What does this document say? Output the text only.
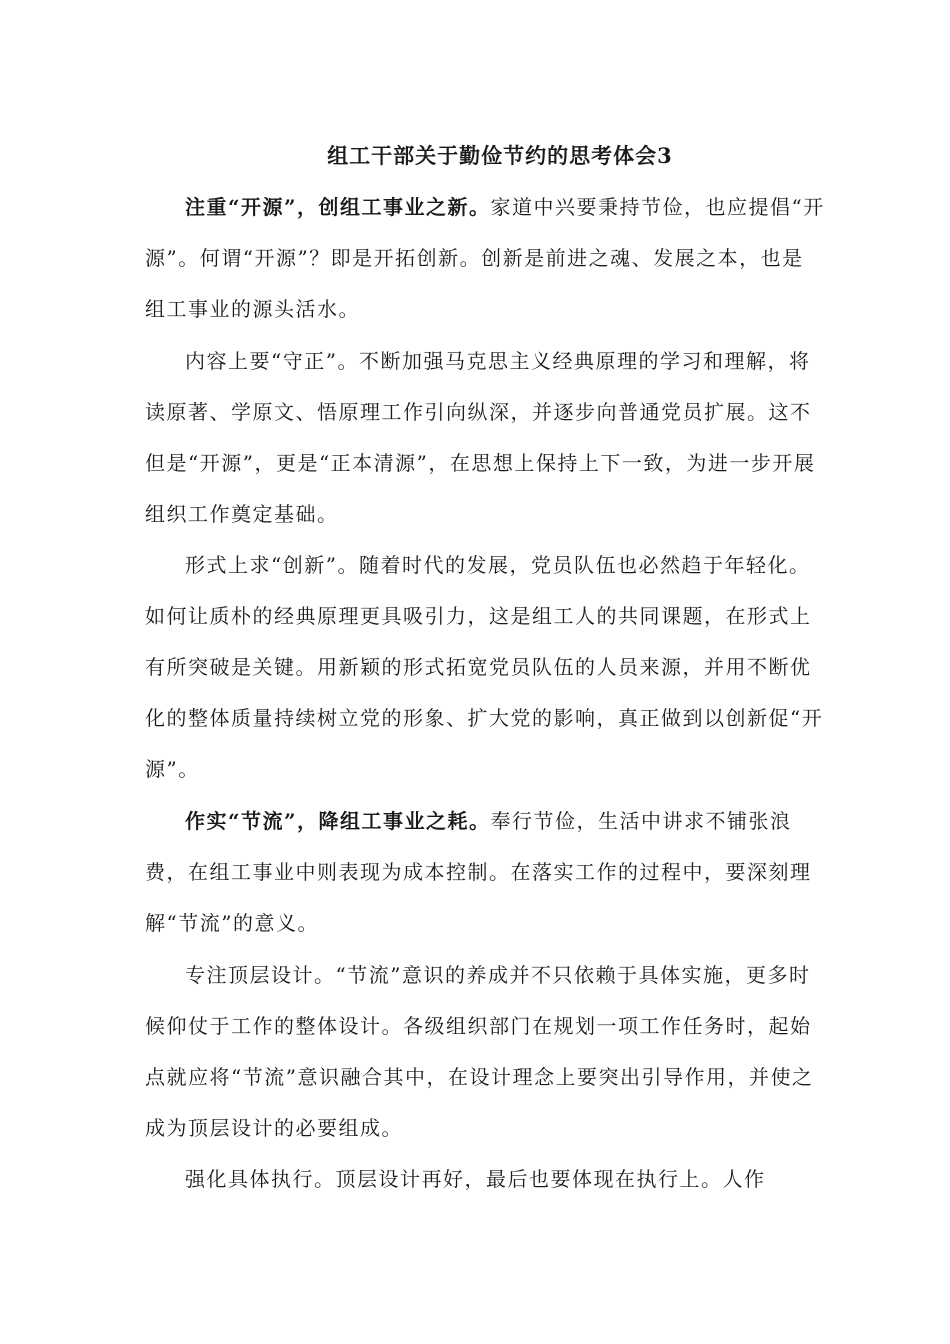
组工干部关于勤俭节约的思考体会3

注重“开源”，创组工事业之新。家道中兴要秉持节俭，也应提倡“开源”。何谓“开源”？即是开拓创新。创新是前进之魂、发展之本，也是组工事业的源头活水。

内容上要“守正”。不断加强马克思主义经典原理的学习和理解，将读原著、学原文、悟原理工作引向纵深，并逐步向普通党员扩展。这不但是“开源”，更是“正本清源”，在思想上保持上下一致，为进一步开展组织工作奠定基础。

形式上求“创新”。随着时代的发展，党员队伍也必然趋于年轻化。如何让质朴的经典原理更具吸引力，这是组工人的共同课题，在形式上有所突破是关键。用新颖的形式拓宽党员队伍的人员来源，并用不断优化的整体质量持续树立党的形象、扩大党的影响，真正做到以创新促“开源”。

作实“节流”，降组工事业之耗。奉行节俭，生活中讲求不铺张浪费，在组工事业中则表现为成本控制。在落实工作的过程中，要深刻理解“节流”的意义。

专注顶层设计。“节流”意识的养成并不只依赖于具体实施，更多时候仰仗于工作的整体设计。各级组织部门在规划一项工作任务时，起始点就应将“节流”意识融合其中，在设计理念上要突出引导作用，并使之成为顶层设计的必要组成。

强化具体执行。顶层设计再好，最后也要体现在执行上。人作
